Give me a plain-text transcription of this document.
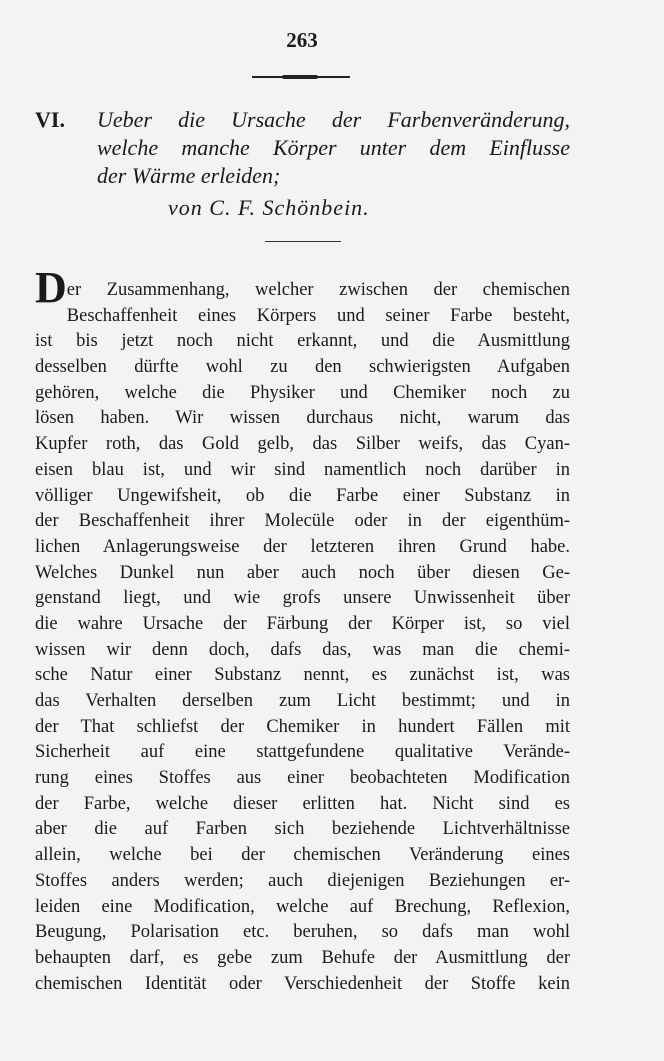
263
VI. Ueber die Ursache der Farbenveränderung,
welche manche Körper unter dem Einflusse
der Wärme erleiden;
von C. F. Schönbein.
Der Zusammenhang, welcher zwischen der chemischen
Beschaffenheit eines Körpers und seiner Farbe besteht,
ist bis jetzt noch nicht erkannt, und die Ausmittlung
desselben dürfte wohl zu den schwierigsten Aufgaben
gehören, welche die Physiker und Chemiker noch zu
lösen haben. Wir wissen durchaus nicht, warum das
Kupfer roth, das Gold gelb, das Silber weifs, das Cyan-
eisen blau ist, und wir sind namentlich noch darüber in
völliger Ungewifsheit, ob die Farbe einer Substanz in
der Beschaffenheit ihrer Molecüle oder in der eigenthüm-
lichen Anlagerungsweise der letzteren ihren Grund habe.
Welches Dunkel nun aber auch noch über diesen Ge-
genstand liegt, und wie grofs unsere Unwissenheit über
die wahre Ursache der Färbung der Körper ist, so viel
wissen wir denn doch, dafs das, was man die chemi-
sche Natur einer Substanz nennt, es zunächst ist, was
das Verhalten derselben zum Licht bestimmt; und in
der That schliefst der Chemiker in hundert Fällen mit
Sicherheit auf eine stattgefundene qualitative Verände-
rung eines Stoffes aus einer beobachteten Modification
der Farbe, welche dieser erlitten hat. Nicht sind es
aber die auf Farben sich beziehende Lichtverhältnisse
allein, welche bei der chemischen Veränderung eines
Stoffes anders werden; auch diejenigen Beziehungen er-
leiden eine Modification, welche auf Brechung, Reflexion,
Beugung, Polarisation etc. beruhen, so dafs man wohl
behaupten darf, es gebe zum Behufe der Ausmittlung der
chemischen Identität oder Verschiedenheit der Stoffe kein
